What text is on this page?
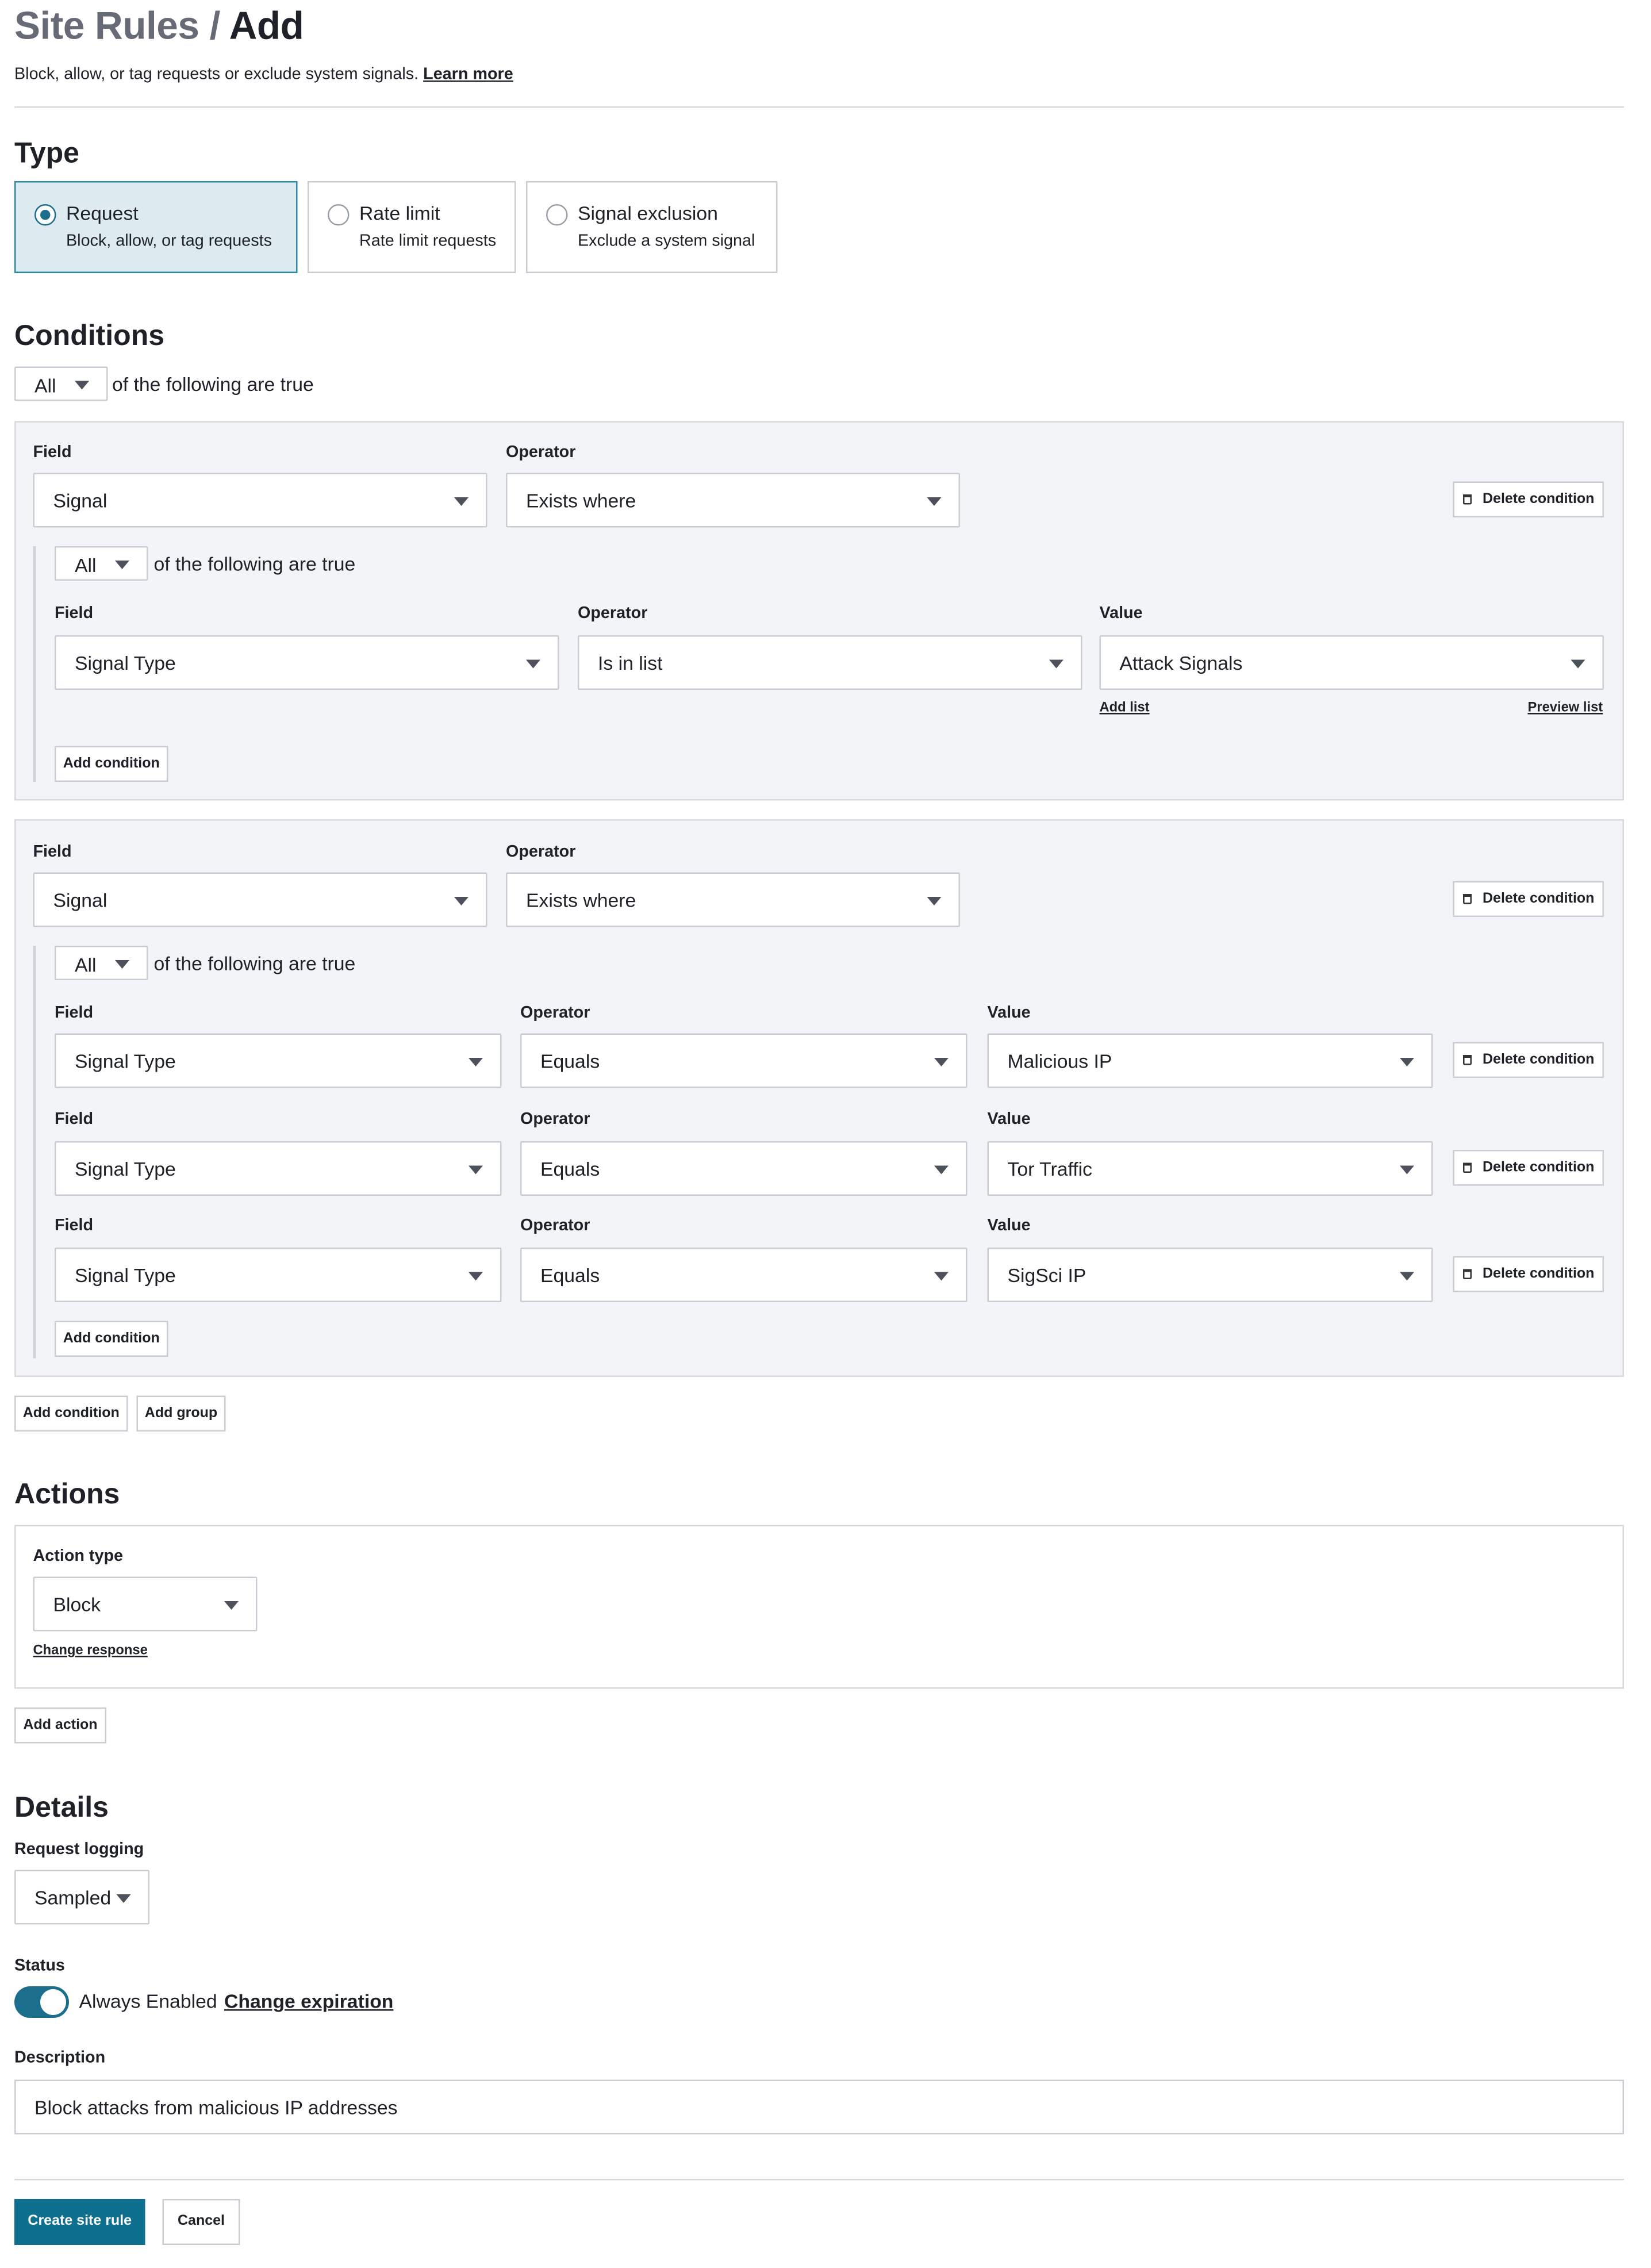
Site Rules / Add
Block, allow, or tag requests or exclude system signals. Learn more
Type
Request
Block, allow, or tag requests
Rate limit
Rate limit requests
Signal exclusion
Exclude a system signal
Conditions
All	of the following are true
Field	Operator
Signal	Exists where	Delete condition
All	of the following are true
Field	Operator	Value
Signal Type	Is in list	Attack Signals
Add list	Preview list
Add condition
Field	Operator
Signal	Exists where	Delete condition
All	of the following are true
Field	Operator	Value
Signal Type	Equals	Malicious IP	Delete condition
Field	Operator	Value
Signal Type	Equals	Tor Traffic	Delete condition
Field	Operator	Value
Signal Type	Equals	SigSci IP	Delete condition
Add condition
Add condition	Add group
Actions
Action type
Block
Change response
Add action
Details
Request logging
Sampled
Status
Always Enabled Change expiration
Description
Block attacks from malicious IP addresses
Create site rule	Cancel
